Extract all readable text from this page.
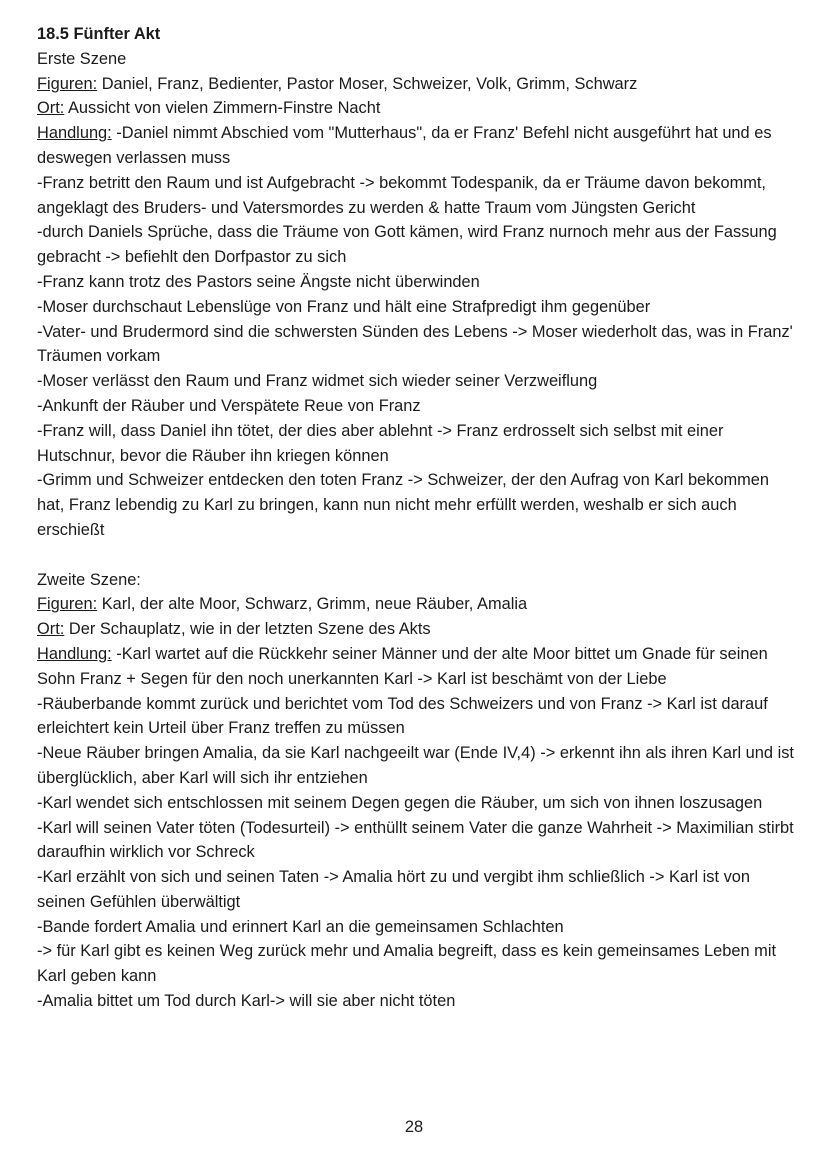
18.5 Fünfter Akt
Erste Szene
Figuren: Daniel, Franz, Bedienter, Pastor Moser, Schweizer, Volk, Grimm, Schwarz
Ort: Aussicht von vielen Zimmern-Finstre Nacht
Handlung: -Daniel nimmt Abschied vom "Mutterhaus", da er Franz' Befehl nicht ausgeführt hat und es deswegen verlassen muss
-Franz betritt den Raum und ist Aufgebracht -> bekommt Todespanik, da er Träume davon bekommt, angeklagt des Bruders- und Vatersmordes zu werden & hatte Traum vom Jüngsten Gericht
-durch Daniels Sprüche, dass die Träume von Gott kämen, wird Franz nurnoch mehr aus der Fassung gebracht -> befiehlt den Dorfpastor zu sich
-Franz kann trotz des Pastors seine Ängste nicht überwinden
-Moser durchschaut Lebenslüge von Franz und hält eine Strafpredigt ihm gegenüber
-Vater- und Brudermord sind die schwersten Sünden des Lebens -> Moser wiederholt das, was in Franz' Träumen vorkam
-Moser verlässt den Raum und Franz widmet sich wieder seiner Verzweiflung
-Ankunft der Räuber und Verspätete Reue von Franz
-Franz will, dass Daniel ihn tötet, der dies aber ablehnt -> Franz erdrosselt sich selbst mit einer Hutschnur, bevor die Räuber ihn kriegen können
-Grimm und Schweizer entdecken den toten Franz -> Schweizer, der den Aufrag von Karl bekommen hat, Franz lebendig zu Karl zu bringen, kann nun nicht mehr erfüllt werden, weshalb er sich auch erschießt
Zweite Szene:
Figuren: Karl, der alte Moor, Schwarz, Grimm, neue Räuber, Amalia
Ort: Der Schauplatz, wie in der letzten Szene des Akts
Handlung: -Karl wartet auf die Rückkehr seiner Männer und der alte Moor bittet um Gnade für seinen Sohn Franz + Segen für den noch unerkannten Karl -> Karl ist beschämt von der Liebe
-Räuberbande kommt zurück und berichtet vom Tod des Schweizers und von Franz -> Karl ist darauf erleichtert kein Urteil über Franz treffen zu müssen
-Neue Räuber bringen Amalia, da sie Karl nachgeeilt war (Ende IV,4) -> erkennt ihn als ihren Karl und ist überglücklich, aber Karl will sich ihr entziehen
-Karl wendet sich entschlossen mit seinem Degen gegen die Räuber, um sich von ihnen loszusagen
-Karl will seinen Vater töten (Todesurteil) -> enthüllt seinem Vater die ganze Wahrheit -> Maximilian stirbt daraufhin wirklich vor Schreck
-Karl erzählt von sich und seinen Taten -> Amalia hört zu und vergibt ihm schließlich -> Karl ist von seinen Gefühlen überwältigt
-Bande fordert Amalia und erinnert Karl an die gemeinsamen Schlachten
-> für Karl gibt es keinen Weg zurück mehr und Amalia begreift, dass es kein gemeinsames Leben mit Karl geben kann
-Amalia bittet um Tod durch Karl-> will sie aber nicht töten
28
